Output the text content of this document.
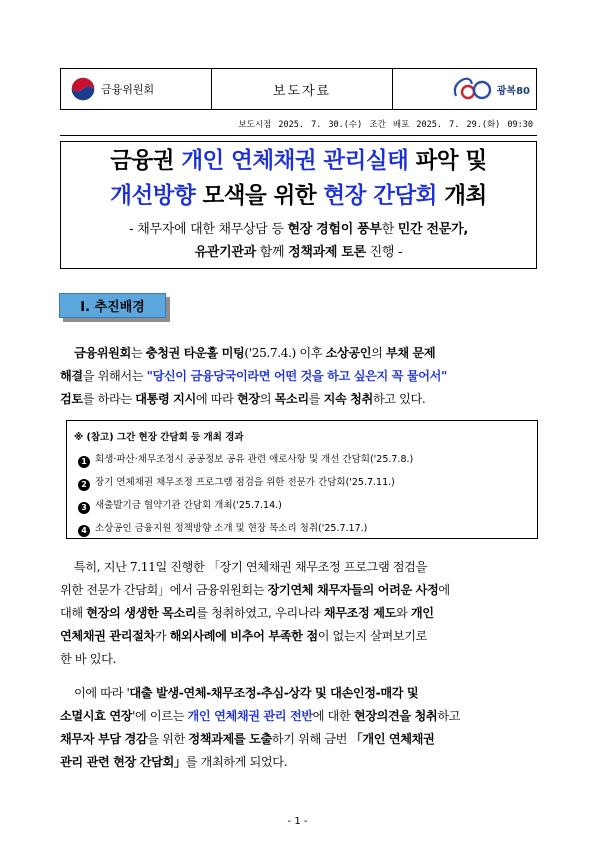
금융위원회	보도자료	광복80
보도시점 2025. 7. 30.(수) 조간 배포 2025. 7. 29.(화) 09:30
금융권 개인 연체채권 관리실태 파악 및
개선방향 모색을 위한 현장 간담회 개최
- 채무자에 대한 채무상담 등 현장 경험이 풍부한 민간 전문가,
유관기관과 함께 정책과제 토론 진행 -
Ⅰ. 추진배경
금융위원회는 충청권 타운홀 미팅('25.7.4.) 이후 소상공인의 부채 문제
해결을 위해서는 "당신이 금융당국이라면 어떤 것을 하고 싶은지 꼭 물어서"
검토를 하라는 대통령 지시에 따라 현장의 목소리를 지속 청취하고 있다.
※ (참고) 그간 현장 간담회 등 개최 경과
1 회생·파산·채무조정시 공공정보 공유 관련 애로사항 및 개선 간담회('25.7.8.)
2 장기 연체채권 채무조정 프로그램 점검을 위한 전문가 간담회('25.7.11.)
3 새출발기금 협약기관 간담회 개최('25.7.14.)
4 소상공인 금융지원 정책방향 소개 및 현장 목소리 청취('25.7.17.)
특히, 지난 7.11일 진행한 「장기 연체채권 채무조정 프로그램 점검을
위한 전문가 간담회」에서 금융위원회는 장기연체 채무자들의 어려운 사정에
대해 현장의 생생한 목소리를 청취하였고, 우리나라 채무조정 제도와 개인
연체채권 관리절차가 해외사례에 비추어 부족한 점이 없는지 살펴보기로
한 바 있다.
이에 따라 '대출 발생-연체-채무조정-추심-상각 및 대손인정-매각 및
소멸시효 연장'에 이르는 개인 연체채권 관리 전반에 대한 현장의견을 청취하고
채무자 부담 경감을 위한 정책과제를 도출하기 위해 금번 「개인 연체채권
관리 관련 현장 간담회」를 개최하게 되었다.
- 1 -
